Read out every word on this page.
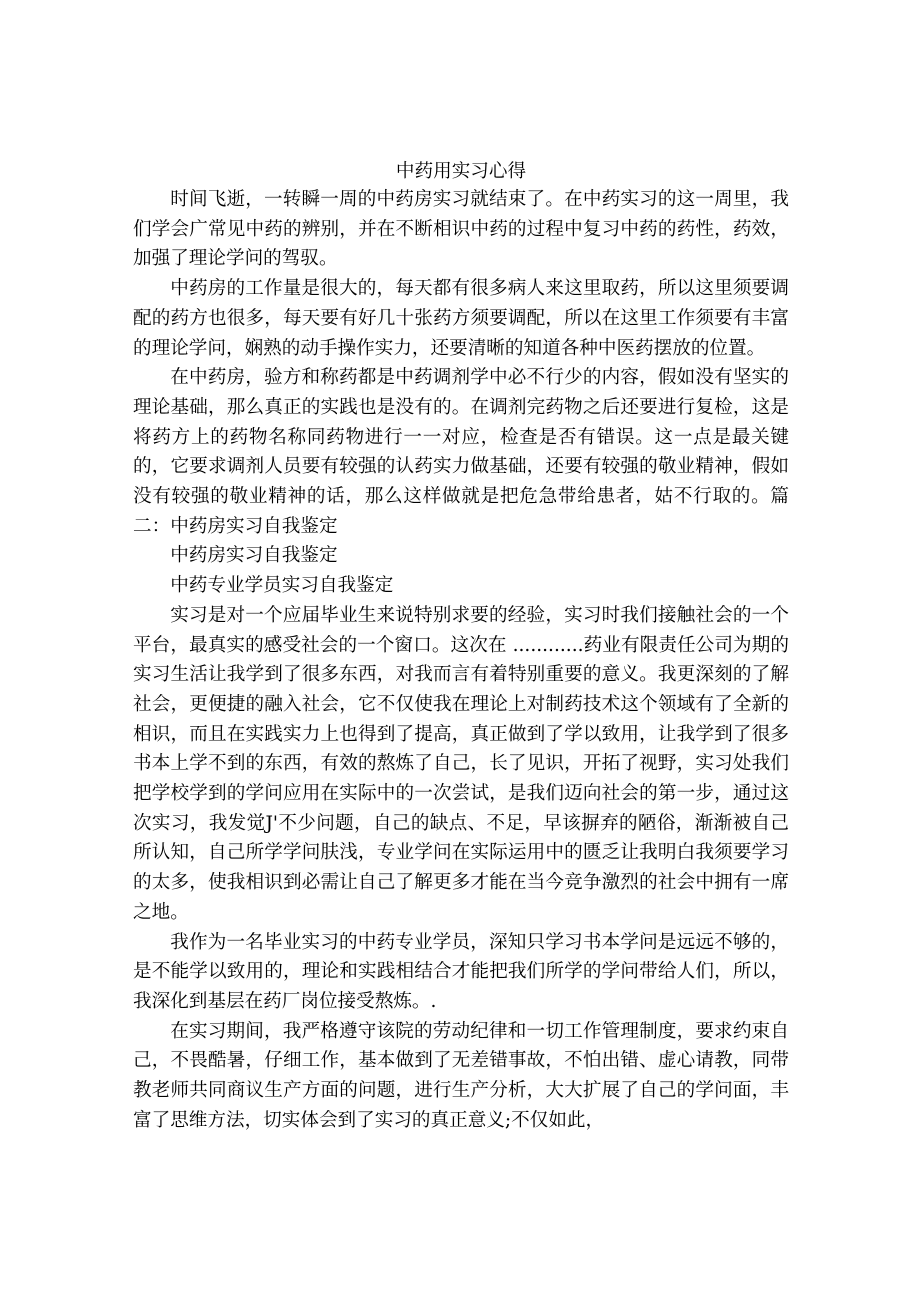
中药用实习心得

时间飞逝，一转瞬一周的中药房实习就结束了。在中药实习的这一周里，我们学会广常见中药的辨别，并在不断相识中药的过程中复习中药的药性，药效，加强了理论学问的驾驭。

中药房的工作量是很大的，每天都有很多病人来这里取药，所以这里须要调配的药方也很多，每天要有好几十张药方须要调配，所以在这里工作须要有丰富的理论学问，娴熟的动手操作实力，还要清晰的知道各种中医药摆放的位置。

在中药房，验方和称药都是中药调剂学中必不行少的内容，假如没有坚实的理论基础，那么真正的实践也是没有的。在调剂完药物之后还要进行复检，这是将药方上的药物名称同药物进行一一对应，检查是否有错误。这一点是最关键的，它要求调剂人员要有较强的认药实力做基础，还要有较强的敬业精神，假如没有较强的敬业精神的话，那么这样做就是把危急带给患者，姑不行取的。篇二：中药房实习自我鉴定

中药房实习自我鉴定

中药专业学员实习自我鉴定

实习是对一个应届毕业生来说特别求要的经验，实习时我们接触社会的一个平台，最真实的感受社会的一个窗口。这次在 ............药业有限责任公司为期的实习生活让我学到了很多东西，对我而言有着特别重要的意义。我更深刻的了解社会，更便捷的融入社会，它不仅使我在理论上对制药技术这个领域有了全新的相识，而且在实践实力上也得到了提高，真正做到了学以致用，让我学到了很多书本上学不到的东西，有效的熬炼了自己，长了见识，开拓了视野，实习处我们把学校学到的学问应用在实际中的一次尝试，是我们迈向社会的第一步，通过这次实习，我发觉J'不少问题，自己的缺点、不足，早该摒弃的陋俗，渐渐被自己所认知，自己所学学问肤浅，专业学问在实际运用中的匮乏让我明白我须要学习的太多，使我相识到必需让自己了解更多才能在当今竞争激烈的社会中拥有一席之地。

我作为一名毕业实习的中药专业学员，深知只学习书本学问是远远不够的，是不能学以致用的，理论和实践相结合才能把我们所学的学问带给人们，所以，我深化到基层在药厂岗位接受熬炼。.

在实习期间，我严格遵守该院的劳动纪律和一切工作管理制度，要求约束自己，不畏酷暑，仔细工作，基本做到了无差错事故，不怕出错、虚心请教，同带教老师共同商议生产方面的问题，进行生产分析，大大扩展了自己的学问面，丰富了思维方法，切实体会到了实习的真正意义;不仅如此，
